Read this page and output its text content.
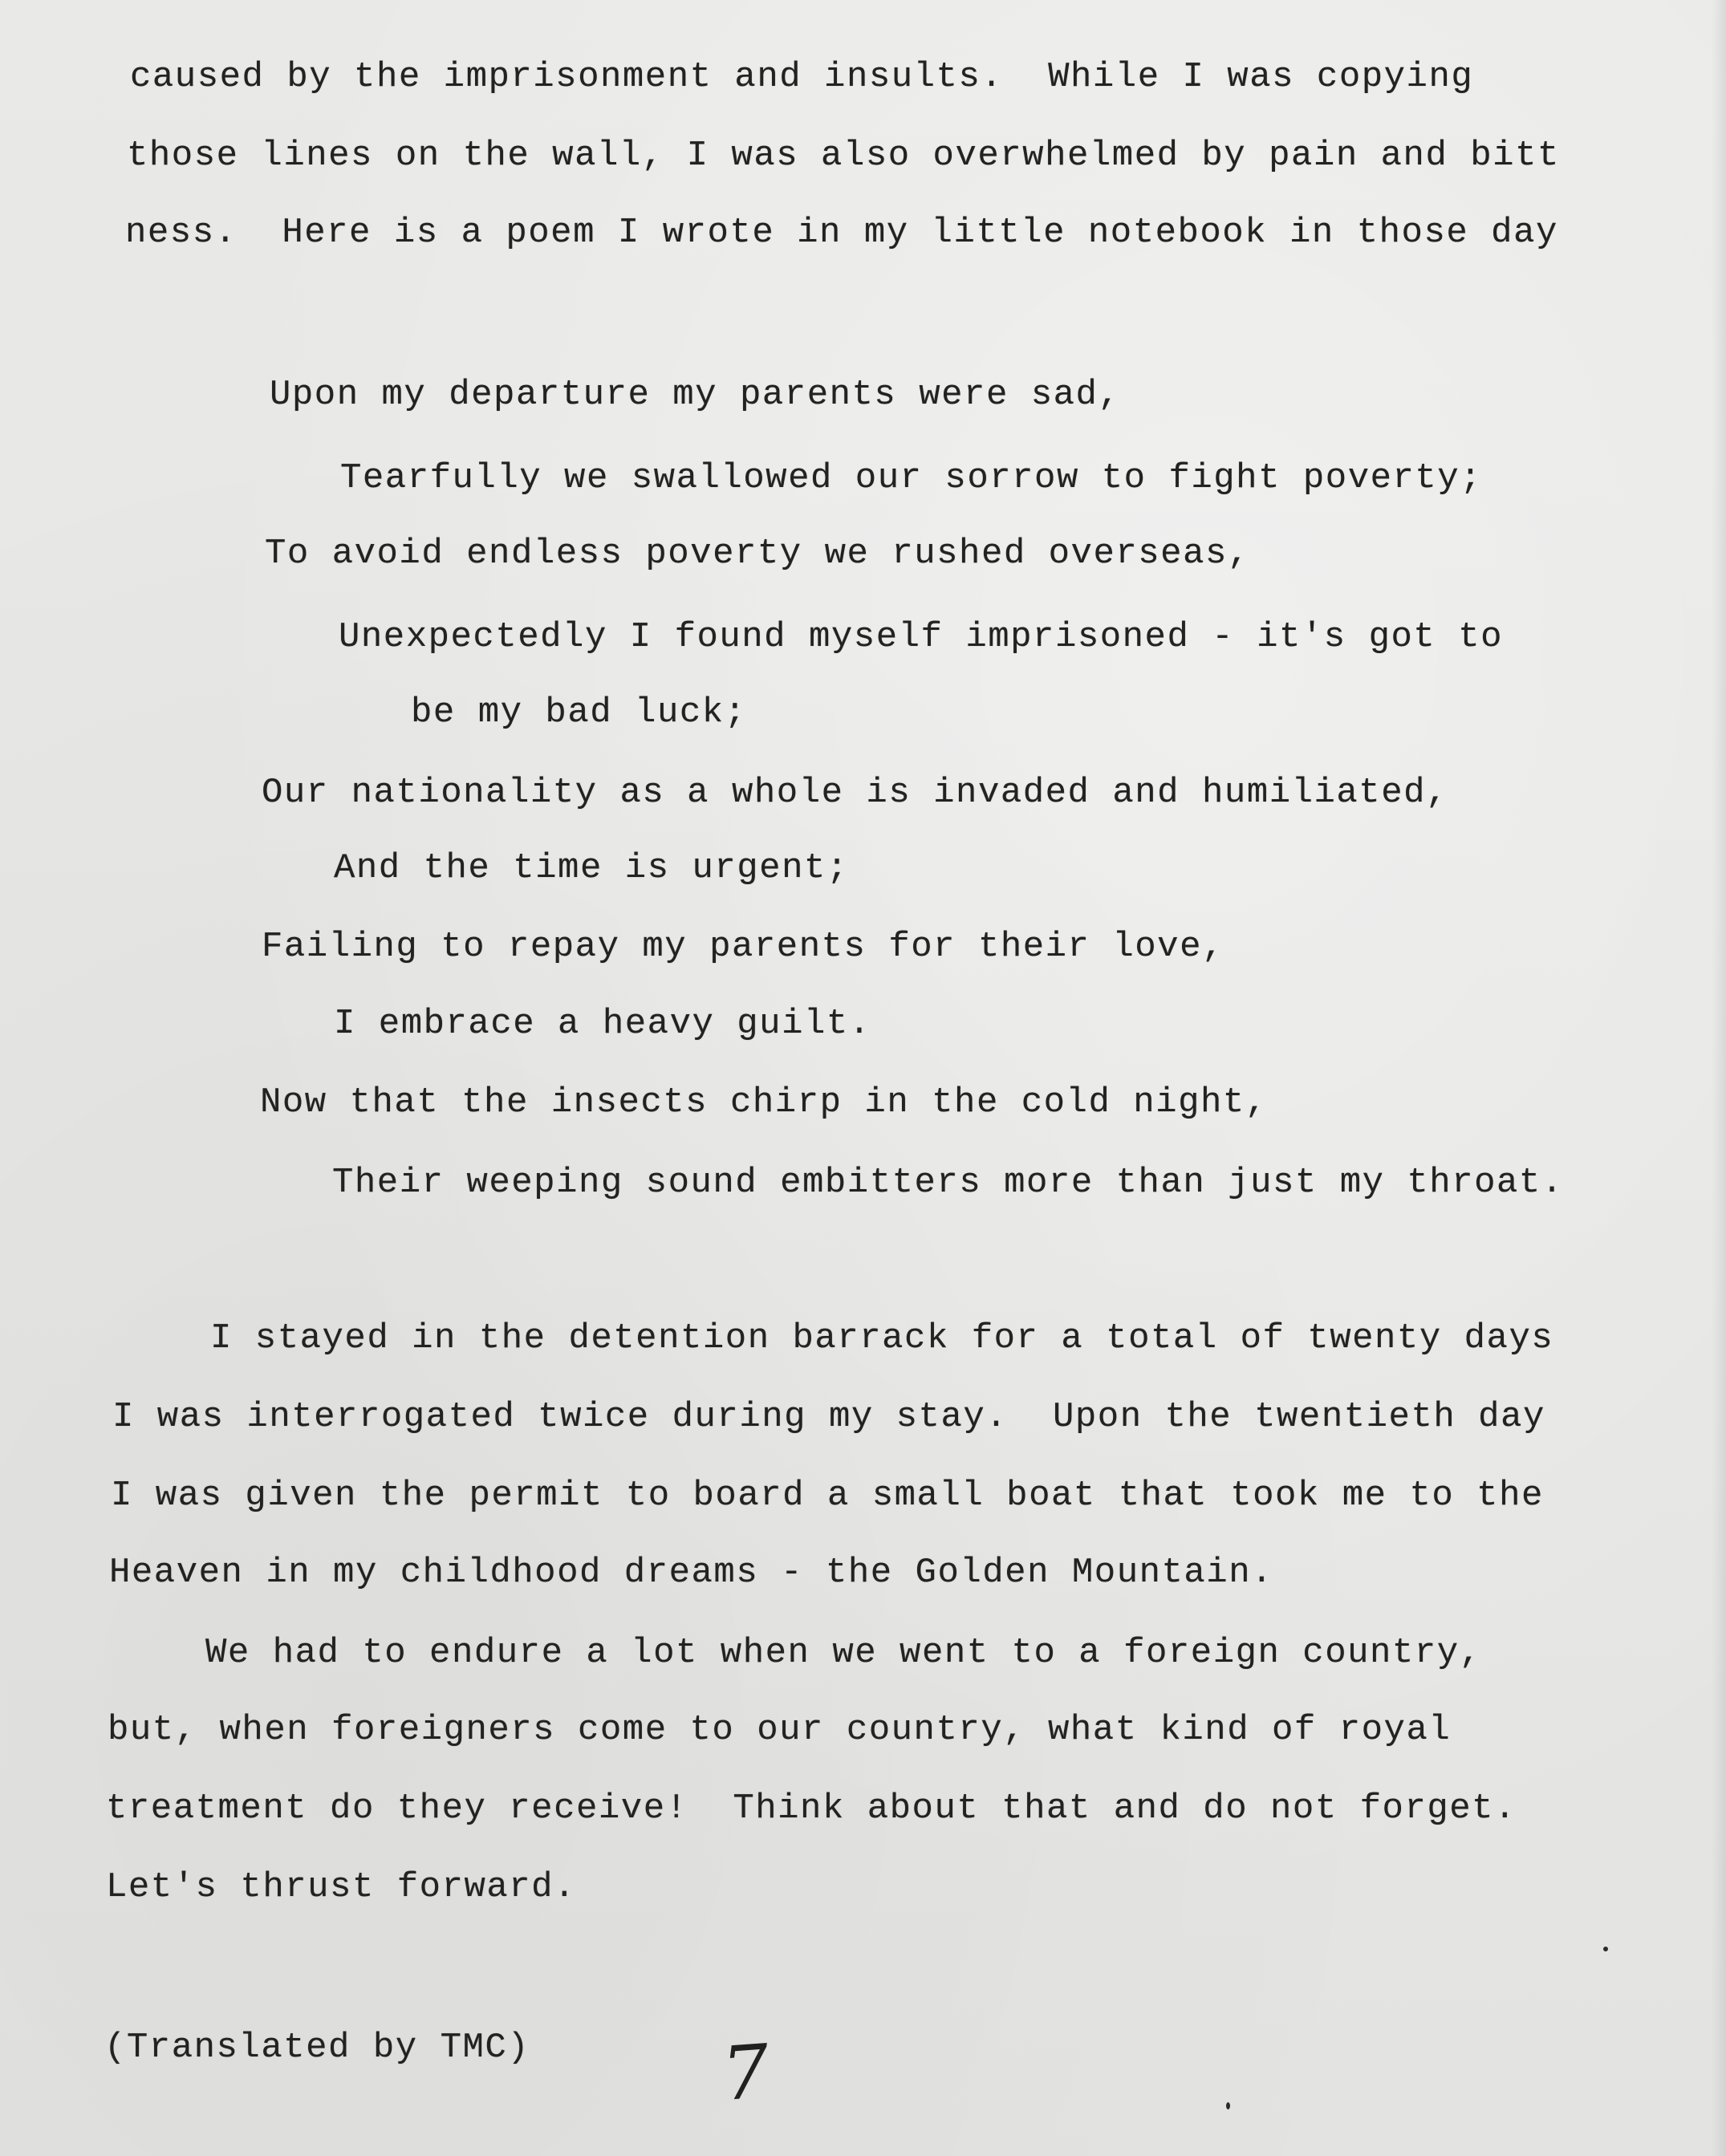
caused by the imprisonment and insults.  While I was copying
those lines on the wall, I was also overwhelmed by pain and bitt
ness.  Here is a poem I wrote in my little notebook in those day
Upon my departure my parents were sad,
Tearfully we swallowed our sorrow to fight poverty;
To avoid endless poverty we rushed overseas,
Unexpectedly I found myself imprisoned - it's got to
be my bad luck;
Our nationality as a whole is invaded and humiliated,
And the time is urgent;
Failing to repay my parents for their love,
I embrace a heavy guilt.
Now that the insects chirp in the cold night,
Their weeping sound embitters more than just my throat.
I stayed in the detention barrack for a total of twenty days
I was interrogated twice during my stay.  Upon the twentieth day
I was given the permit to board a small boat that took me to the
Heaven in my childhood dreams - the Golden Mountain.
We had to endure a lot when we went to a foreign country,
but, when foreigners come to our country, what kind of royal
treatment do they receive!  Think about that and do not forget.
Let's thrust forward.
(Translated by TMC)	7
